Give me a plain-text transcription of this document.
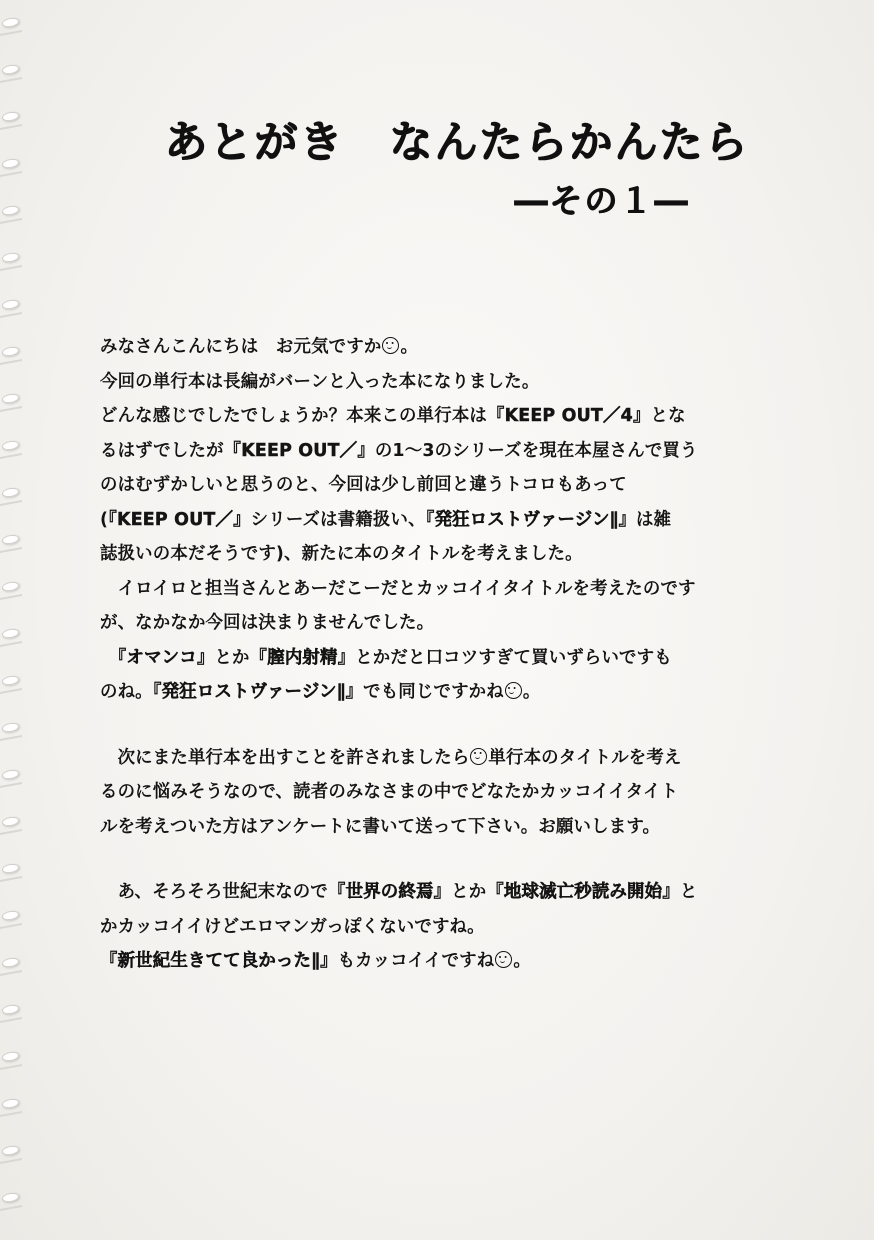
あとがき　なんたらかんたら
―その１―
みなさんこんにちは　お元気ですか 。
今回の単行本は長編がバーンと入った本になりました。
どんな感じでしたでしょうか？本来この単行本は『KEEP OUT／4』とな
るはずでしたが『KEEP OUT／』の1～3のシリーズを現在本屋さんで買う
のはむずかしいと思うのと、今回は少し前回と違うトコロもあって
(『KEEP OUT／』シリーズは書籍扱い、『発狂ロストヴァージン∥』は雑
誌扱いの本だそうです)、新たに本のタイトルを考えました。
　イロイロと担当さんとあーだこーだとカッコイイタイトルを考えたのです
が、なかなか今回は決まりませんでした。
　『オマンコ』とか『膣内射精』とかだと口コツすぎて買いずらいですも
のね。『発狂ロストヴァージン∥』でも同じですかね 。
　次にまた単行本を出すことを許されましたら 単行本のタイトルを考え
るのに悩みそうなので、読者のみなさまの中でどなたかカッコイイタイト
ルを考えついた方はアンケートに書いて送って下さい。お願いします。
　あ、そろそろ世紀末なので『世界の終焉』とか『地球滅亡秒読み開始』と
かカッコイイけどエロマンガっぽくないですね。
『新世紀生きてて良かった∥』もカッコイイですね 。
